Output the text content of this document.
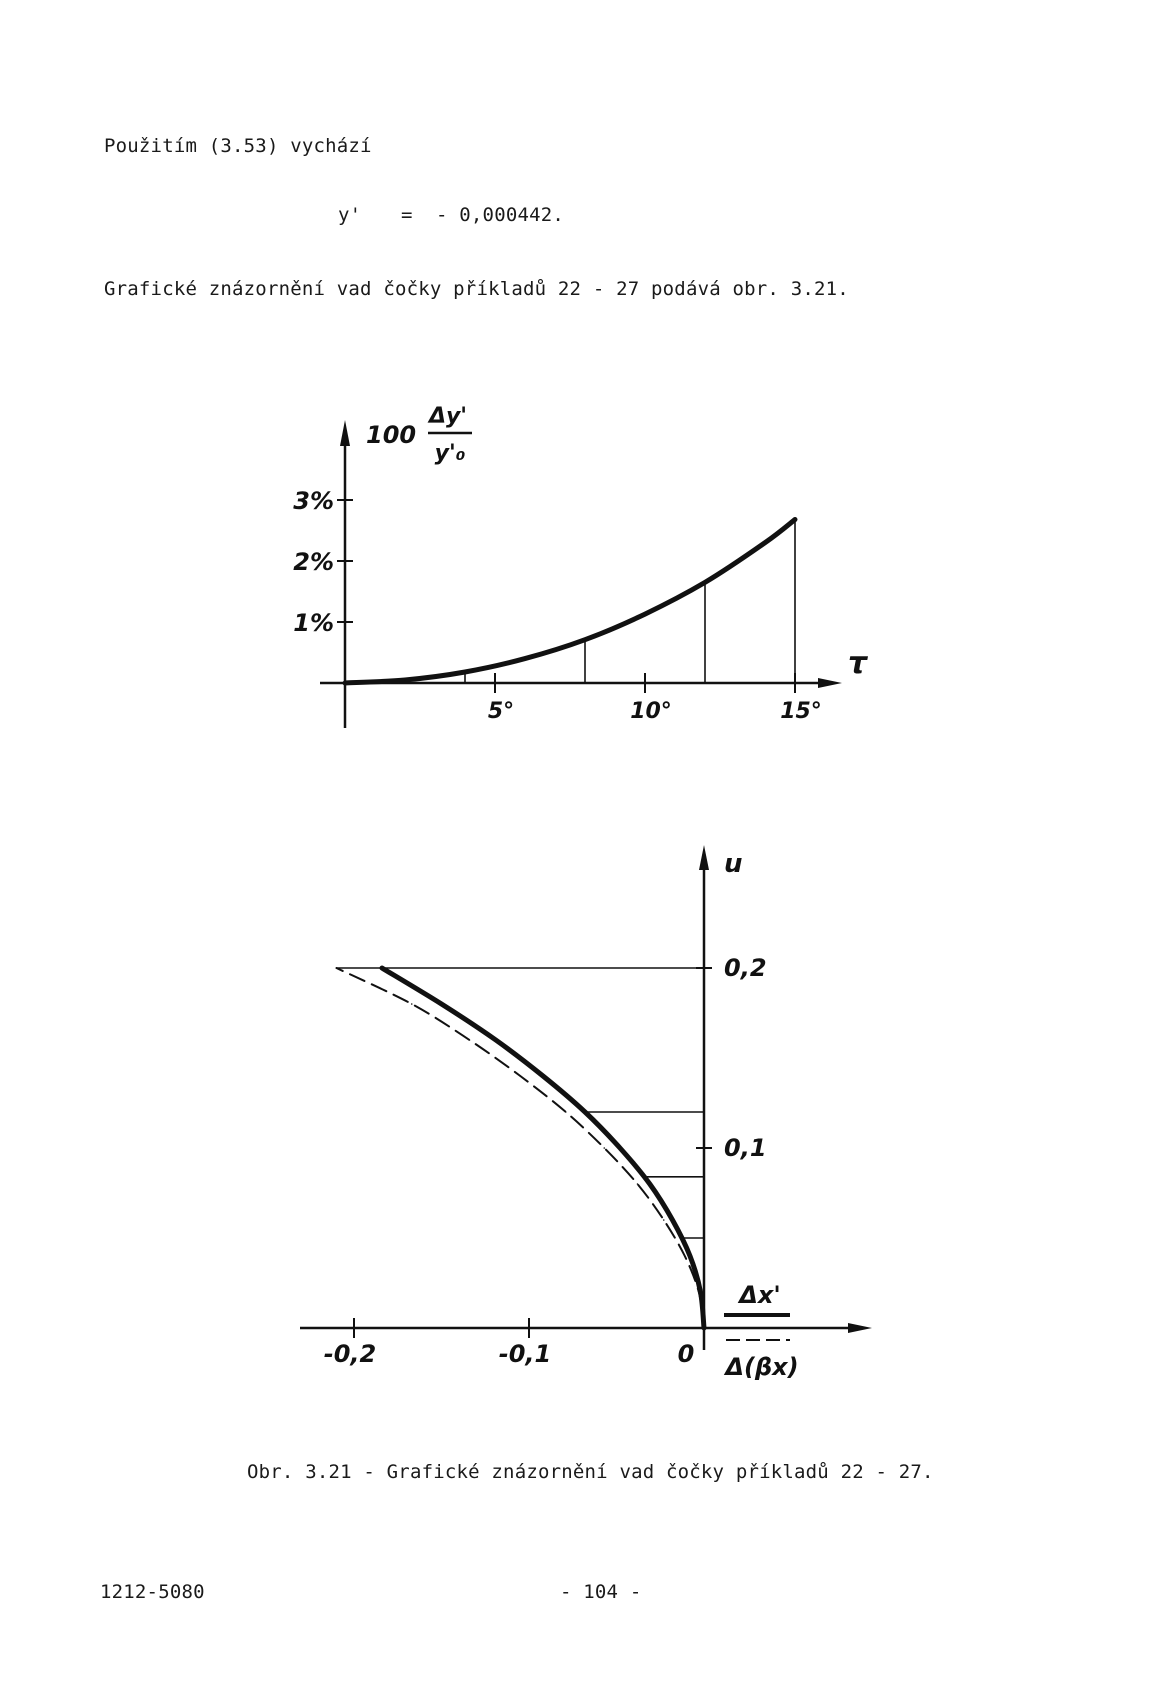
Použitím (3.53) vychází
y' = - 0,000442.
Grafické znázornění vad čočky příkladů 22 - 27 podává obr. 3.21.
1%
2%
3%
5°	10°	15°
100
Δy'
y'₀
τ
-0,2	-0,1	0
0,1
0,2
u
Δx'
Δ(βx)
Obr. 3.21 - Grafické znázornění vad čočky příkladů 22 - 27.
1212-5080	- 104 -
